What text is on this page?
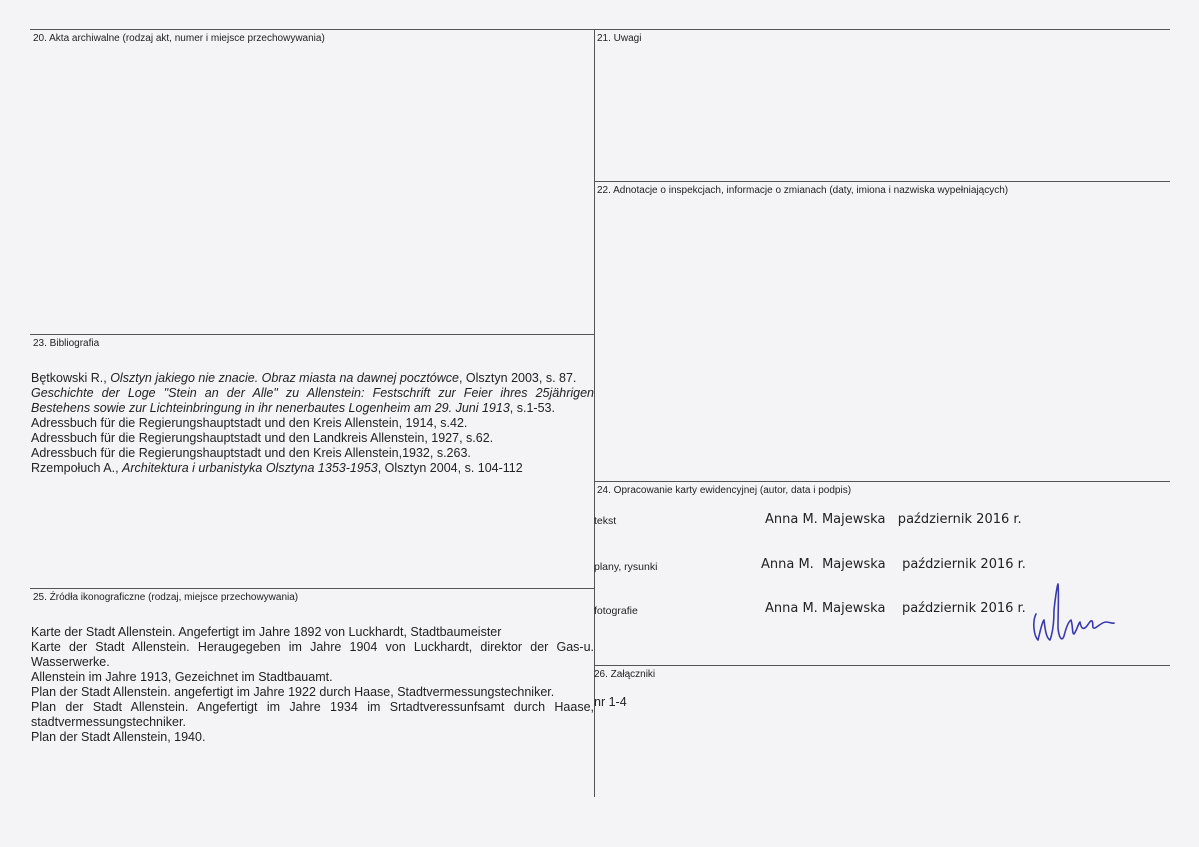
20. Akta archiwalne (rodzaj akt, numer i miejsce przechowywania)	21. Uwagi
22. Adnotacje o inspekcjach, informacje o zmianach (daty, imiona i nazwiska wypełniających)
23. Bibliografia

Bętkowski R., Olsztyn jakiego nie znacie. Obraz miasta na dawnej pocztówce, Olsztyn 2003, s. 87.

Geschichte der Loge "Stein an der Alle" zu Allenstein: Festschrift zur Feier ihres 25jährigen Bestehens sowie zur Lichteinbringung in ihr nenerbautes Logenheim am 29. Juni 1913, s.1-53.

Adressbuch für die Regierungshauptstadt und den Kreis Allenstein, 1914, s.42.

Adressbuch für die Regierungshauptstadt und den Landkreis Allenstein, 1927, s.62.

Adressbuch für die Regierungshauptstadt und den Kreis Allenstein,1932, s.263.

Rzempołuch A., Architektura i urbanistyka Olsztyna 1353-1953, Olsztyn 2004, s. 104-112

24. Opracowanie karty ewidencyjnej (autor, data i podpis)
tekst	Anna M. Majewska   październik 2016 r.
plany, rysunki	Anna M.  Majewska    październik 2016 r.
fotografie	Anna M. Majewska    październik 2016 r.
25. Źródła ikonograficzne (rodzaj, miejsce przechowywania)

Karte der Stadt Allenstein. Angefertigt im Jahre 1892 von Luckhardt, Stadtbaumeister

Karte der Stadt Allenstein. Heraugegeben im Jahre 1904 von Luckhardt, direktor der Gas-u. Wasserwerke.

Allenstein im Jahre 1913, Gezeichnet im Stadtbauamt.

Plan der Stadt Allenstein. angefertigt im Jahre 1922 durch Haase, Stadtvermessungstechniker.

Plan der Stadt Allenstein. Angefertigt im Jahre 1934 im Srtadtveressunfsamt durch Haase, stadtvermessungstechniker.

Plan der Stadt Allenstein, 1940.

26. Załączniki
nr 1-4
